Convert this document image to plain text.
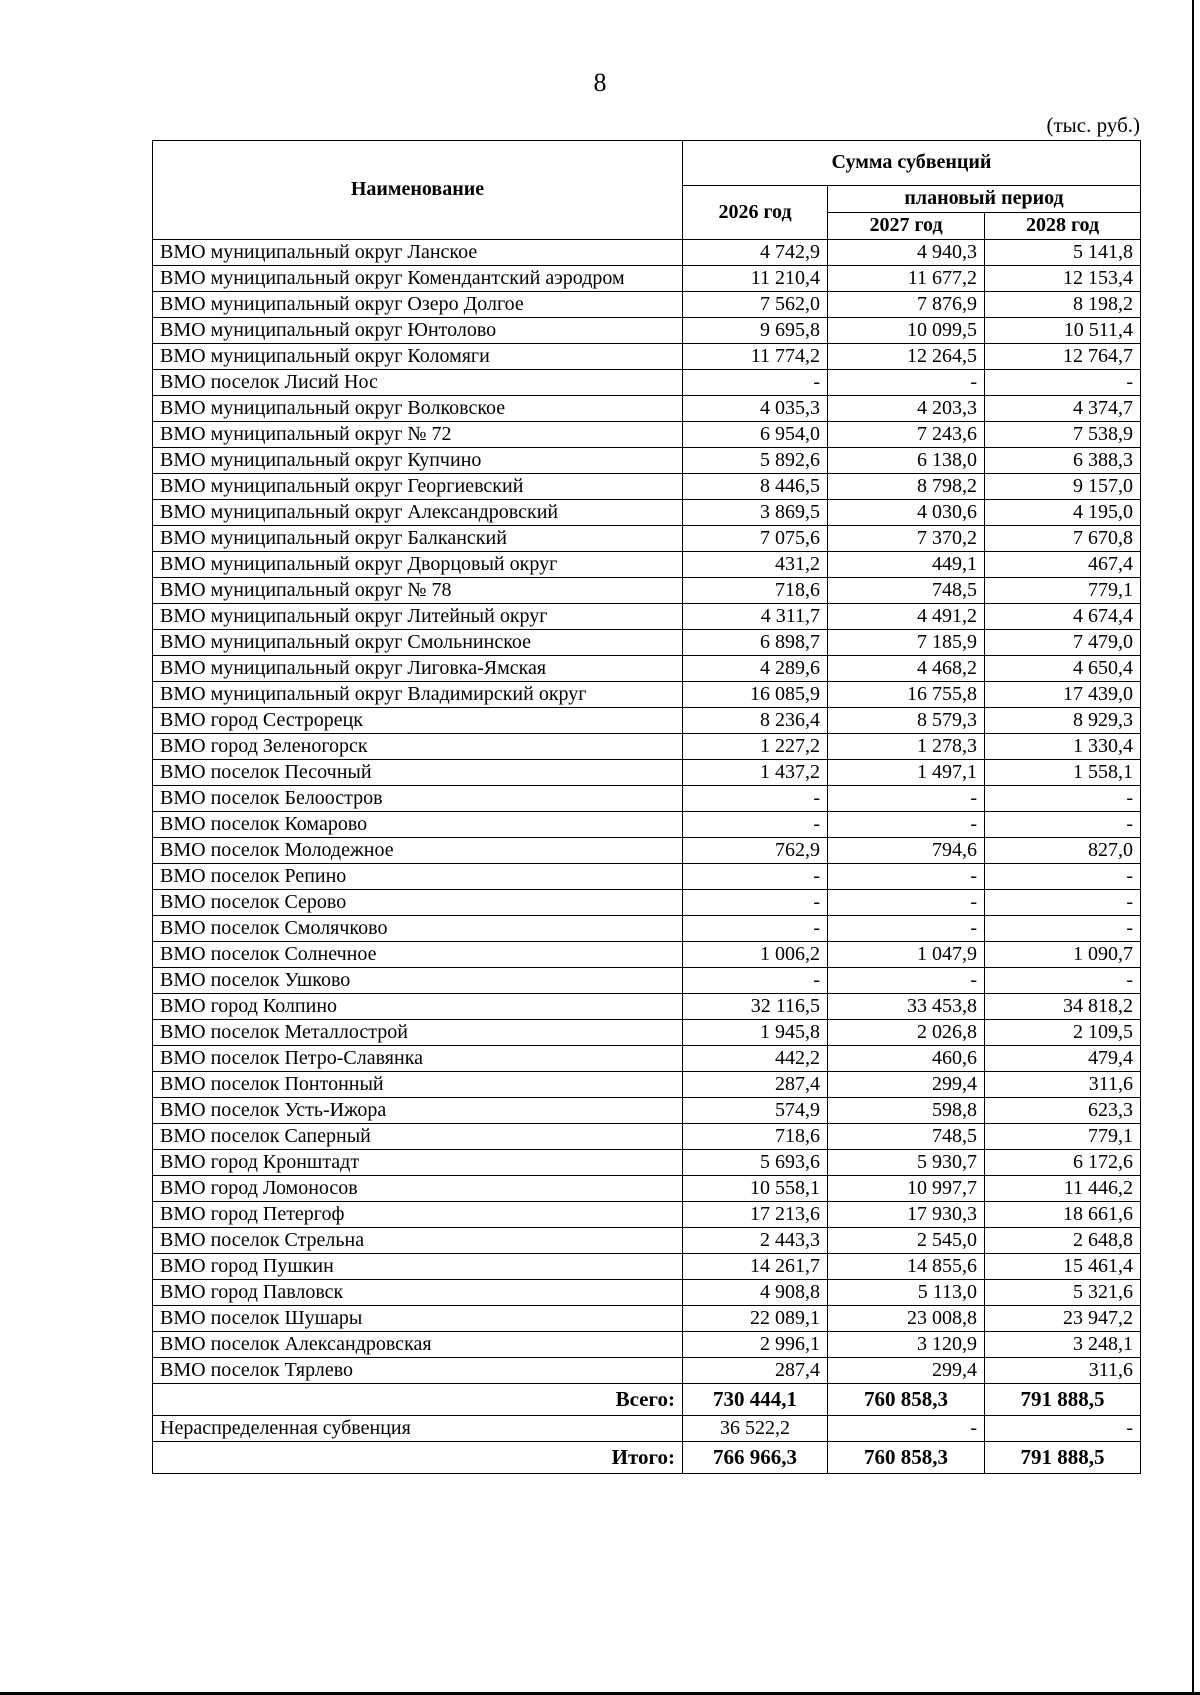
8
(тыс. руб.)
Наименование	Сумма субвенций		
	2026 год	плановый период	
		2027 год	2028 год
ВМО муниципальный округ Ланское	4 742,9	4 940,3	5 141,8
ВМО муниципальный округ Комендантский аэродром	11 210,4	11 677,2	12 153,4
ВМО муниципальный округ Озеро Долгое	7 562,0	7 876,9	8 198,2
ВМО муниципальный округ Юнтолово	9 695,8	10 099,5	10 511,4
ВМО муниципальный округ Коломяги	11 774,2	12 264,5	12 764,7
ВМО поселок Лисий Нос	-	-	-
ВМО муниципальный округ Волковское	4 035,3	4 203,3	4 374,7
ВМО муниципальный округ № 72	6 954,0	7 243,6	7 538,9
ВМО муниципальный округ Купчино	5 892,6	6 138,0	6 388,3
ВМО муниципальный округ Георгиевский	8 446,5	8 798,2	9 157,0
ВМО муниципальный округ Александровский	3 869,5	4 030,6	4 195,0
ВМО муниципальный округ Балканский	7 075,6	7 370,2	7 670,8
ВМО муниципальный округ Дворцовый округ	431,2	449,1	467,4
ВМО муниципальный округ № 78	718,6	748,5	779,1
ВМО муниципальный округ Литейный округ	4 311,7	4 491,2	4 674,4
ВМО муниципальный округ Смольнинское	6 898,7	7 185,9	7 479,0
ВМО муниципальный округ Лиговка-Ямская	4 289,6	4 468,2	4 650,4
ВМО муниципальный округ Владимирский округ	16 085,9	16 755,8	17 439,0
ВМО город Сестрорецк	8 236,4	8 579,3	8 929,3
ВМО город Зеленогорск	1 227,2	1 278,3	1 330,4
ВМО поселок Песочный	1 437,2	1 497,1	1 558,1
ВМО поселок Белоостров	-	-	-
ВМО поселок Комарово	-	-	-
ВМО поселок Молодежное	762,9	794,6	827,0
ВМО поселок Репино	-	-	-
ВМО поселок Серово	-	-	-
ВМО поселок Смолячково	-	-	-
ВМО поселок Солнечное	1 006,2	1 047,9	1 090,7
ВМО поселок Ушково	-	-	-
ВМО город Колпино	32 116,5	33 453,8	34 818,2
ВМО поселок Металлострой	1 945,8	2 026,8	2 109,5
ВМО поселок Петро-Славянка	442,2	460,6	479,4
ВМО поселок Понтонный	287,4	299,4	311,6
ВМО поселок Усть-Ижора	574,9	598,8	623,3
ВМО поселок Саперный	718,6	748,5	779,1
ВМО город Кронштадт	5 693,6	5 930,7	6 172,6
ВМО город Ломоносов	10 558,1	10 997,7	11 446,2
ВМО город Петергоф	17 213,6	17 930,3	18 661,6
ВМО поселок Стрельна	2 443,3	2 545,0	2 648,8
ВМО город Пушкин	14 261,7	14 855,6	15 461,4
ВМО город Павловск	4 908,8	5 113,0	5 321,6
ВМО поселок Шушары	22 089,1	23 008,8	23 947,2
ВМО поселок Александровская	2 996,1	3 120,9	3 248,1
ВМО поселок Тярлево	287,4	299,4	311,6
Всего:	730 444,1	760 858,3	791 888,5
Нераспределенная субвенция	36 522,2	-	-
Итого:	766 966,3	760 858,3	791 888,5
